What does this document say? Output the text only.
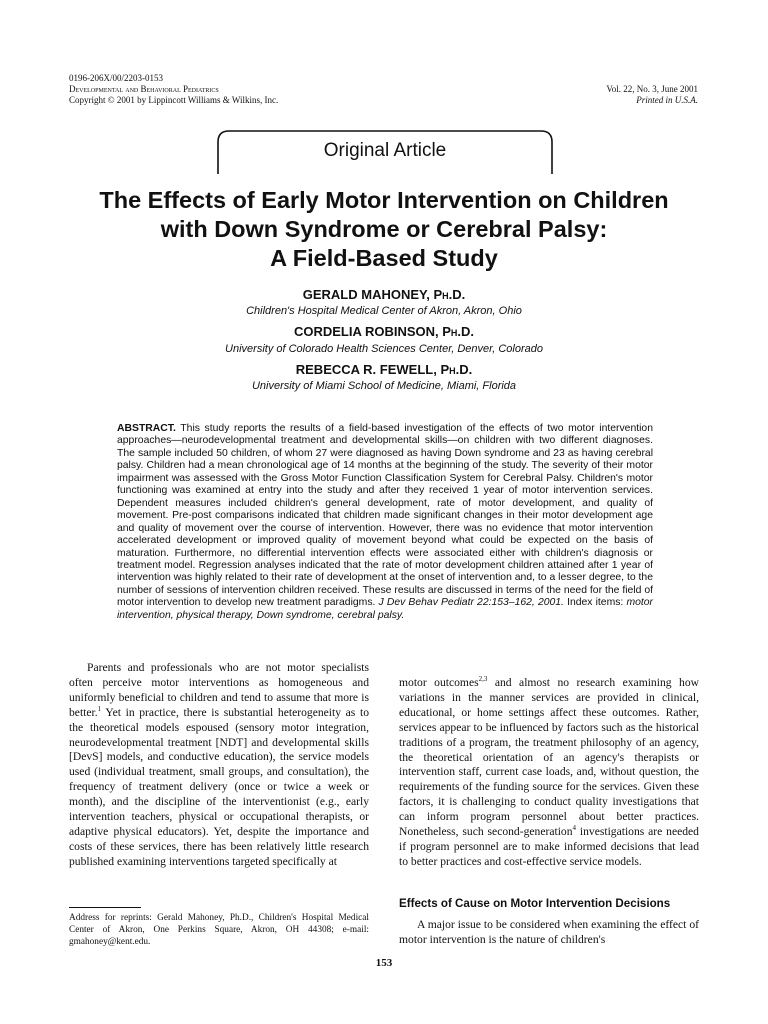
0196-206X/00/2203-0153
Developmental and Behavioral Pediatrics
Copyright © 2001 by Lippincott Williams & Wilkins, Inc.
Vol. 22, No. 3, June 2001
Printed in U.S.A.
Original Article
The Effects of Early Motor Intervention on Children
with Down Syndrome or Cerebral Palsy:
A Field-Based Study
GERALD MAHONEY, Ph.D.
Children's Hospital Medical Center of Akron, Akron, Ohio
CORDELIA ROBINSON, Ph.D.
University of Colorado Health Sciences Center, Denver, Colorado
REBECCA R. FEWELL, Ph.D.
University of Miami School of Medicine, Miami, Florida
ABSTRACT. This study reports the results of a field-based investigation of the effects of two motor intervention approaches—neurodevelopmental treatment and developmental skills—on children with two different diagnoses. The sample included 50 children, of whom 27 were diagnosed as having Down syndrome and 23 as having cerebral palsy. Children had a mean chronological age of 14 months at the beginning of the study. The severity of their motor impairment was assessed with the Gross Motor Function Classification System for Cerebral Palsy. Children's motor functioning was examined at entry into the study and after they received 1 year of motor intervention services. Dependent measures included children's general development, rate of motor development, and quality of movement. Pre-post comparisons indicated that children made significant changes in their motor development age and quality of movement over the course of intervention. However, there was no evidence that motor intervention accelerated development or improved quality of movement beyond what could be expected on the basis of maturation. Furthermore, no differential intervention effects were associated either with children's diagnosis or treatment model. Regression analyses indicated that the rate of motor development children attained after 1 year of intervention was highly related to their rate of development at the onset of intervention and, to a lesser degree, to the number of sessions of intervention children received. These results are discussed in terms of the need for the field of motor intervention to develop new treatment paradigms. J Dev Behav Pediatr 22:153–162, 2001. Index items: motor intervention, physical therapy, Down syndrome, cerebral palsy.

Parents and professionals who are not motor specialists often perceive motor interventions as homogeneous and uniformly beneficial to children and tend to assume that more is better.$^1$ Yet in practice, there is substantial heterogeneity as to the theoretical models espoused (sensory motor integration, neurodevelopmental treatment [NDT] and developmental skills [DevS] models, and conductive education), the service models used (individual treatment, small groups, and consultation), the frequency of treatment delivery (once or twice a week or month), and the discipline of the interventionist (e.g., early intervention teachers, physical or occupational therapists, or adaptive physical educators). Yet, despite the importance and costs of these services, there has been relatively little research published examining interventions targeted specifically at

Address for reprints: Gerald Mahoney, Ph.D., Children's Hospital Medical Center of Akron, One Perkins Square, Akron, OH 44308; e-mail: gmahoney@kent.edu.

motor outcomes$^{2,3}$ and almost no research examining how variations in the manner services are provided in clinical, educational, or home settings affect these outcomes. Rather, services appear to be influenced by factors such as the historical traditions of a program, the treatment philosophy of an agency, the theoretical orientation of an agency's therapists or intervention staff, current case loads, and, without question, the requirements of the funding source for the services. Given these factors, it is challenging to conduct quality investigations that can inform program personnel about better practices. Nonetheless, such second-generation$^4$ investigations are needed if program personnel are to make informed decisions that lead to better practices and cost-effective service models.

Effects of Cause on Motor Intervention Decisions

A major issue to be considered when examining the effect of motor intervention is the nature of children's

153
